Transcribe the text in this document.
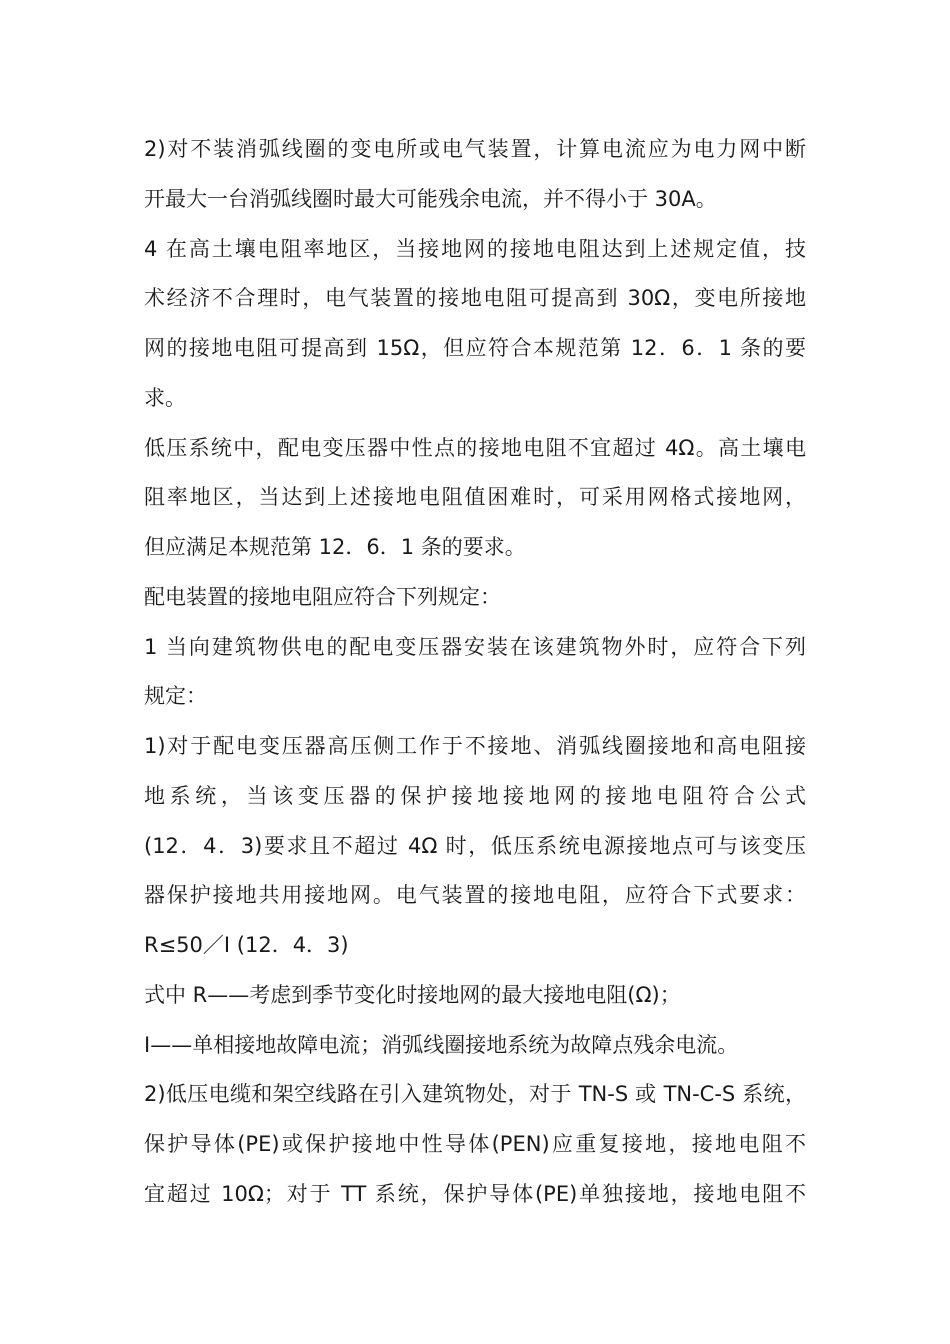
2)对不装消弧线圈的变电所或电气装置，计算电流应为电力网中断
开最大一台消弧线圈时最大可能残余电流，并不得小于 30A。
4 在高土壤电阻率地区，当接地网的接地电阻达到上述规定值，技
术经济不合理时，电气装置的接地电阻可提高到 30Ω，变电所接地
网的接地电阻可提高到 15Ω，但应符合本规范第 12．6．1 条的要
求。
低压系统中，配电变压器中性点的接地电阻不宜超过 4Ω。高土壤电
阻率地区，当达到上述接地电阻值困难时，可采用网格式接地网，
但应满足本规范第 12．6．1 条的要求。
配电装置的接地电阻应符合下列规定：
1 当向建筑物供电的配电变压器安装在该建筑物外时，应符合下列
规定：
1)对于配电变压器高压侧工作于不接地、消弧线圈接地和高电阻接
地系统，当该变压器的保护接地接地网的接地电阻符合公式
(12．4．3)要求且不超过 4Ω 时，低压系统电源接地点可与该变压
器保护接地共用接地网。电气装置的接地电阻，应符合下式要求：
R≤50／I (12．4．3)
式中 R——考虑到季节变化时接地网的最大接地电阻(Ω)；
I——单相接地故障电流；消弧线圈接地系统为故障点残余电流。
2)低压电缆和架空线路在引入建筑物处，对于 TN-S 或 TN-C-S 系统，
保护导体(PE)或保护接地中性导体(PEN)应重复接地，接地电阻不
宜超过 10Ω；对于 TT 系统，保护导体(PE)单独接地，接地电阻不
